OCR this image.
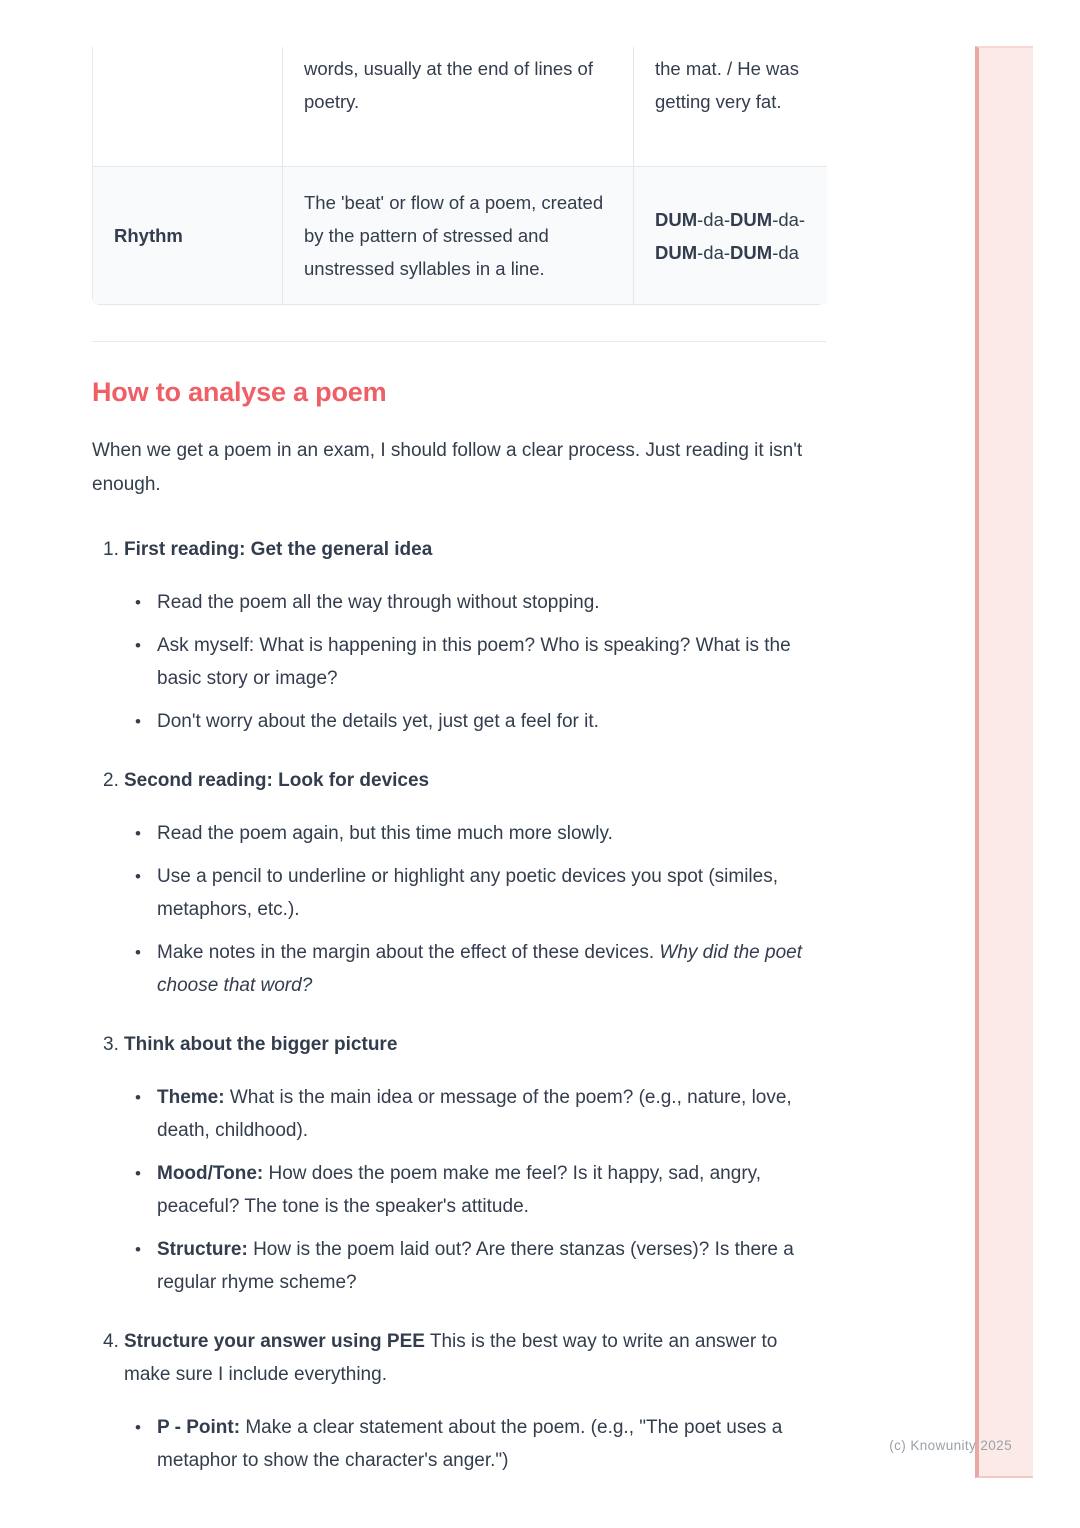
words, usually at the end of lines of poetry.
the mat. / He was getting very fat.
Rhythm
The 'beat' or flow of a poem, created by the pattern of stressed and unstressed syllables in a line.
DUM-da-DUM-da-DUM-da-DUM-da
How to analyse a poem

When we get a poem in an exam, I should follow a clear process. Just reading it isn't enough.

1. First reading: Get the general idea
• Read the poem all the way through without stopping.
• Ask myself: What is happening in this poem? Who is speaking? What is the basic story or image?
• Don't worry about the details yet, just get a feel for it.
2. Second reading: Look for devices
• Read the poem again, but this time much more slowly.
• Use a pencil to underline or highlight any poetic devices you spot (similes, metaphors, etc.).
• Make notes in the margin about the effect of these devices. Why did the poet choose that word?
3. Think about the bigger picture
• Theme: What is the main idea or message of the poem? (e.g., nature, love, death, childhood).
• Mood/Tone: How does the poem make me feel? Is it happy, sad, angry, peaceful? The tone is the speaker's attitude.
• Structure: How is the poem laid out? Are there stanzas (verses)? Is there a regular rhyme scheme?
4. Structure your answer using PEE This is the best way to write an answer to make sure I include everything.
• P - Point: Make a clear statement about the poem. (e.g., "The poet uses a metaphor to show the character's anger.")
(c) Knowunity 2025
